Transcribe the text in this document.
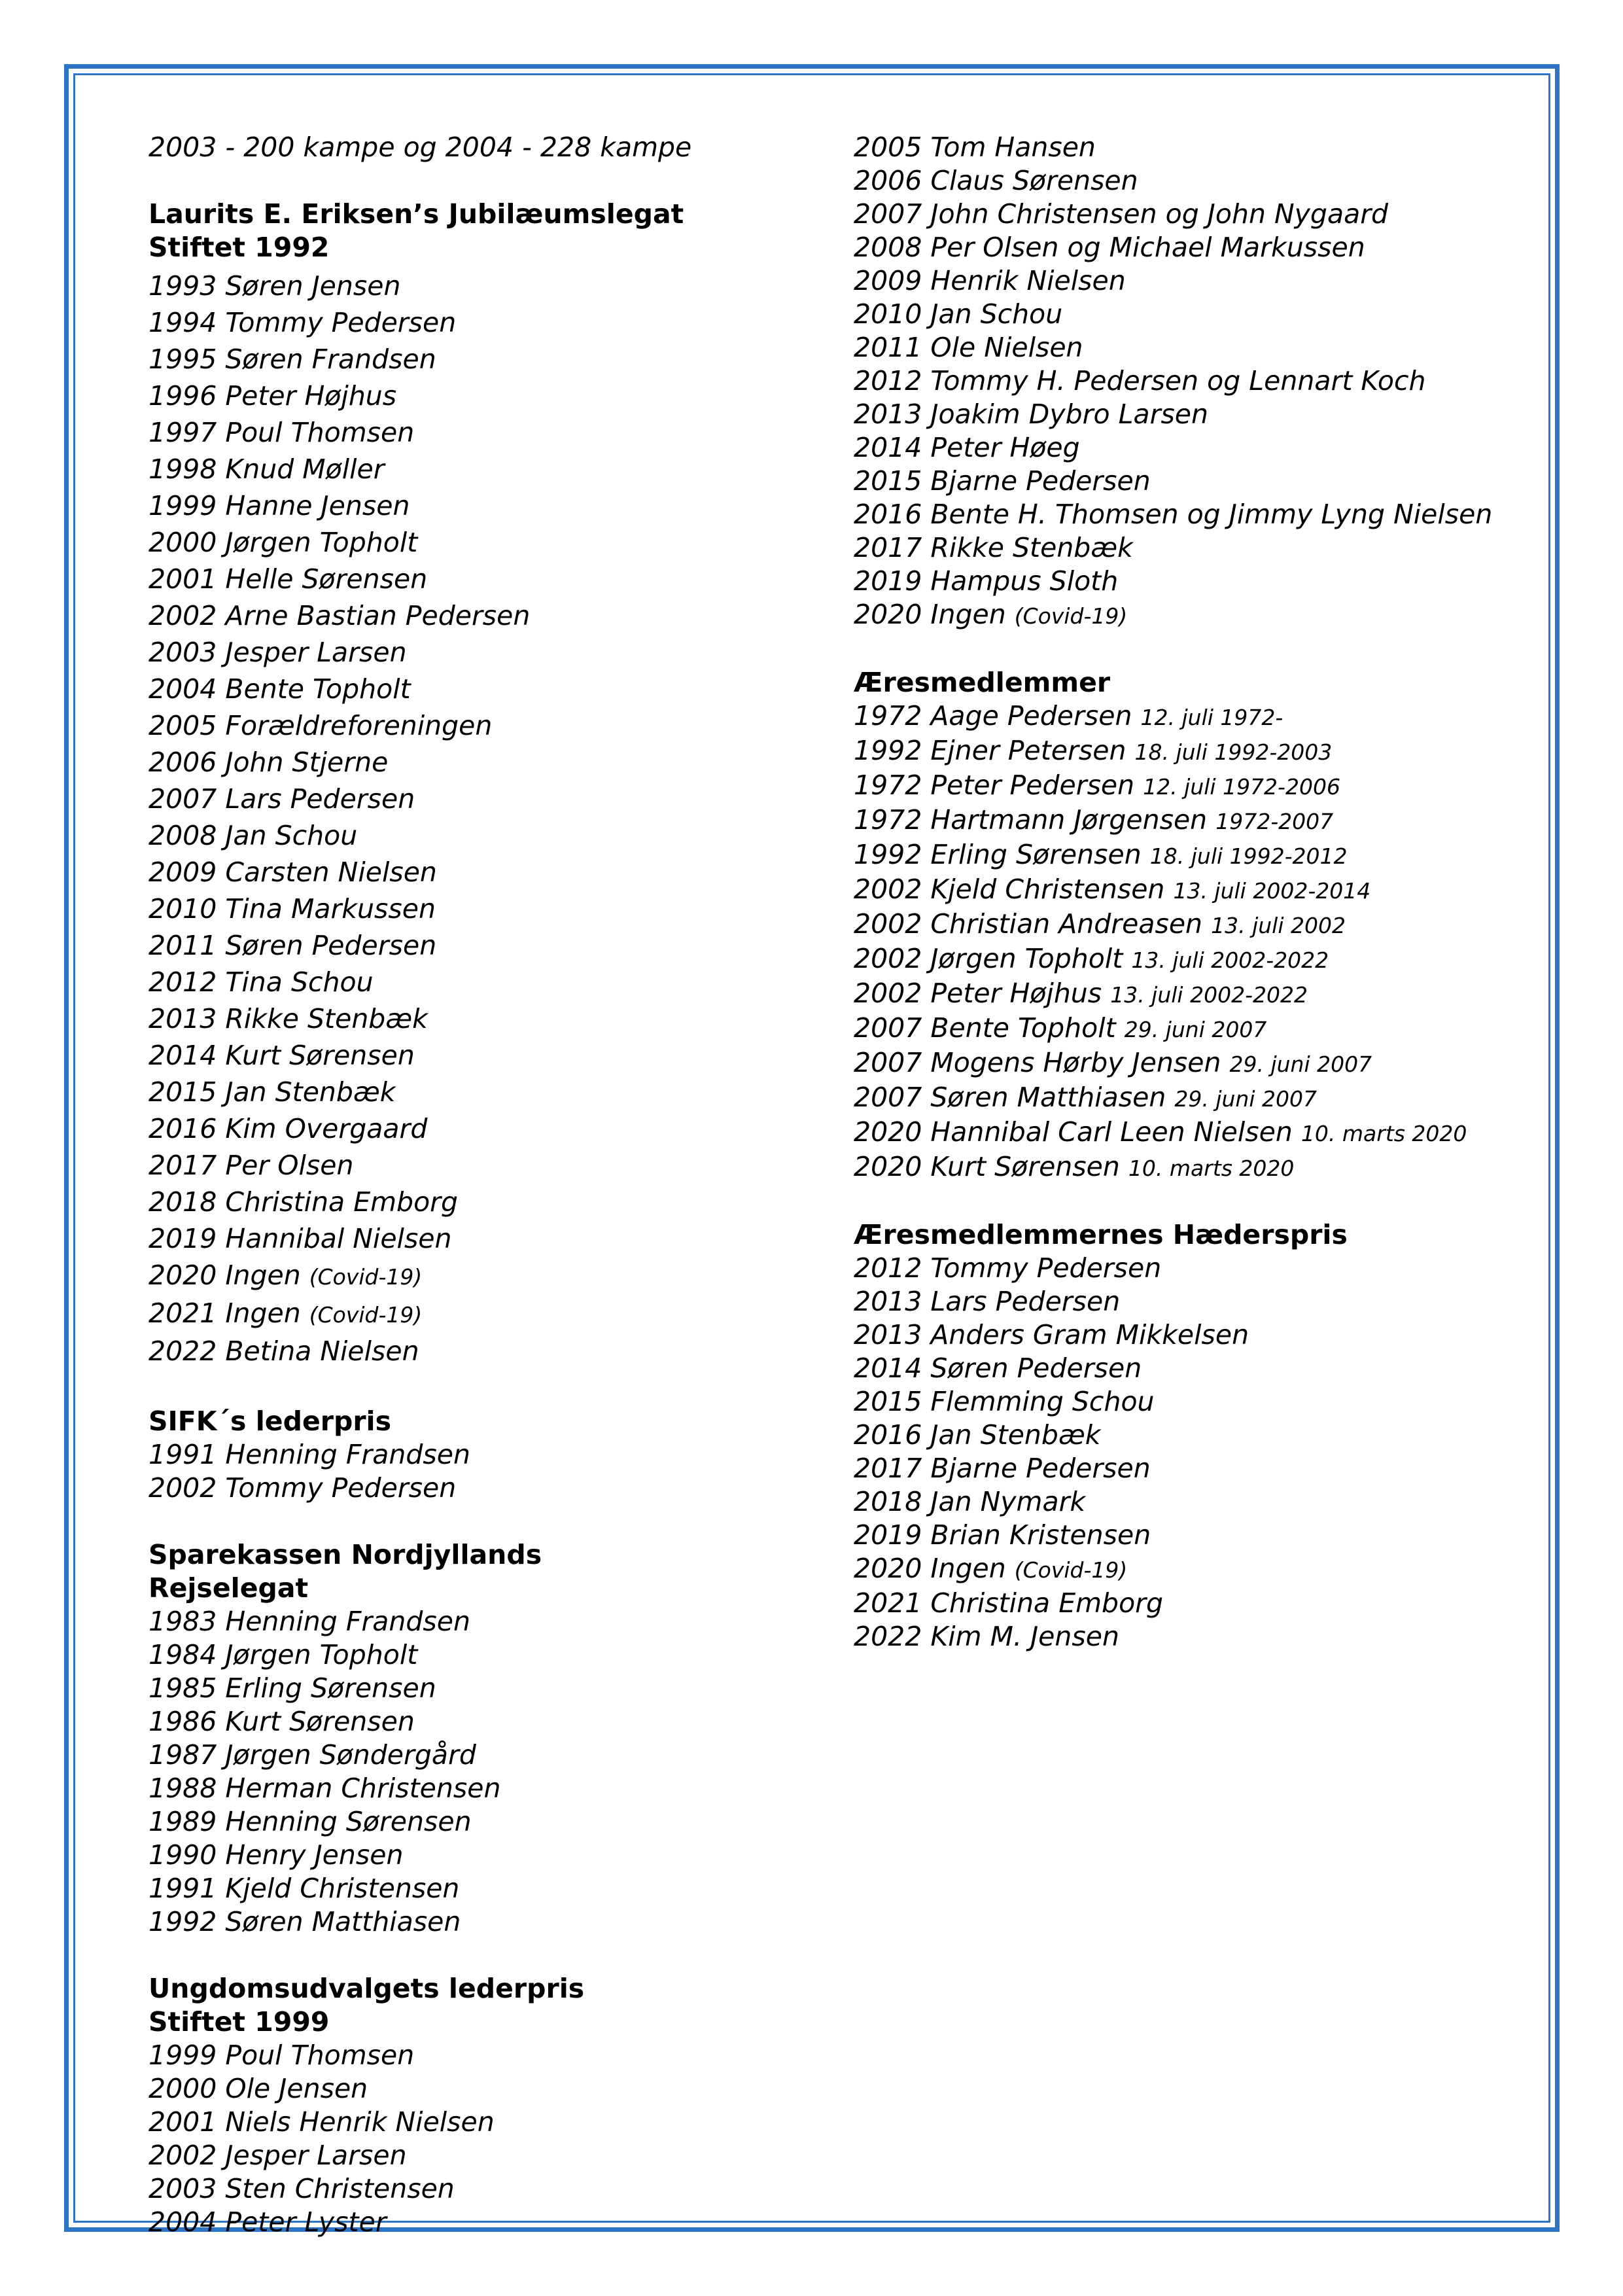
2003 - 200 kampe og 2004 - 228 kampe
Laurits E. Eriksen’s Jubilæumslegat
Stiftet 1992
1993 Søren Jensen
1994 Tommy Pedersen
1995 Søren Frandsen
1996 Peter Højhus
1997 Poul Thomsen
1998 Knud Møller
1999 Hanne Jensen
2000 Jørgen Topholt
2001 Helle Sørensen
2002 Arne Bastian Pedersen
2003 Jesper Larsen
2004 Bente Topholt
2005 Forældreforeningen
2006 John Stjerne
2007 Lars Pedersen
2008 Jan Schou
2009 Carsten Nielsen
2010 Tina Markussen
2011 Søren Pedersen
2012 Tina Schou
2013 Rikke Stenbæk
2014 Kurt Sørensen
2015 Jan Stenbæk
2016 Kim Overgaard
2017 Per Olsen
2018 Christina Emborg
2019 Hannibal Nielsen
2020 Ingen (Covid-19)
2021 Ingen (Covid-19)
2022 Betina Nielsen
SIFK´s lederpris
1991 Henning Frandsen
2002 Tommy Pedersen
Sparekassen Nordjyllands
Rejselegat
1983 Henning Frandsen
1984 Jørgen Topholt
1985 Erling Sørensen
1986 Kurt Sørensen
1987 Jørgen Søndergård
1988 Herman Christensen
1989 Henning Sørensen
1990 Henry Jensen
1991 Kjeld Christensen
1992 Søren Matthiasen
Ungdomsudvalgets lederpris
Stiftet 1999
1999 Poul Thomsen
2000 Ole Jensen
2001 Niels Henrik Nielsen
2002 Jesper Larsen
2003 Sten Christensen
2004 Peter Lyster
2005 Tom Hansen
2006 Claus Sørensen
2007 John Christensen og John Nygaard
2008 Per Olsen og Michael Markussen
2009 Henrik Nielsen
2010 Jan Schou
2011 Ole Nielsen
2012 Tommy H. Pedersen og Lennart Koch
2013 Joakim Dybro Larsen
2014 Peter Høeg
2015 Bjarne Pedersen
2016 Bente H. Thomsen og Jimmy Lyng Nielsen
2017 Rikke Stenbæk
2019 Hampus Sloth
2020 Ingen (Covid-19)
Æresmedlemmer
1972 Aage Pedersen 12. juli 1972-
1992 Ejner Petersen 18. juli 1992-2003
1972 Peter Pedersen 12. juli 1972-2006
1972 Hartmann Jørgensen 1972-2007
1992 Erling Sørensen 18. juli 1992-2012
2002 Kjeld Christensen 13. juli 2002-2014
2002 Christian Andreasen 13. juli 2002
2002 Jørgen Topholt 13. juli 2002-2022
2002 Peter Højhus 13. juli 2002-2022
2007 Bente Topholt 29. juni 2007
2007 Mogens Hørby Jensen 29. juni 2007
2007 Søren Matthiasen 29. juni 2007
2020 Hannibal Carl Leen Nielsen 10. marts 2020
2020 Kurt Sørensen 10. marts 2020
Æresmedlemmernes Hæderspris
2012 Tommy Pedersen
2013 Lars Pedersen
2013 Anders Gram Mikkelsen
2014 Søren Pedersen
2015 Flemming Schou
2016 Jan Stenbæk
2017 Bjarne Pedersen
2018 Jan Nymark
2019 Brian Kristensen
2020 Ingen (Covid-19)
2021 Christina Emborg
2022 Kim M. Jensen
